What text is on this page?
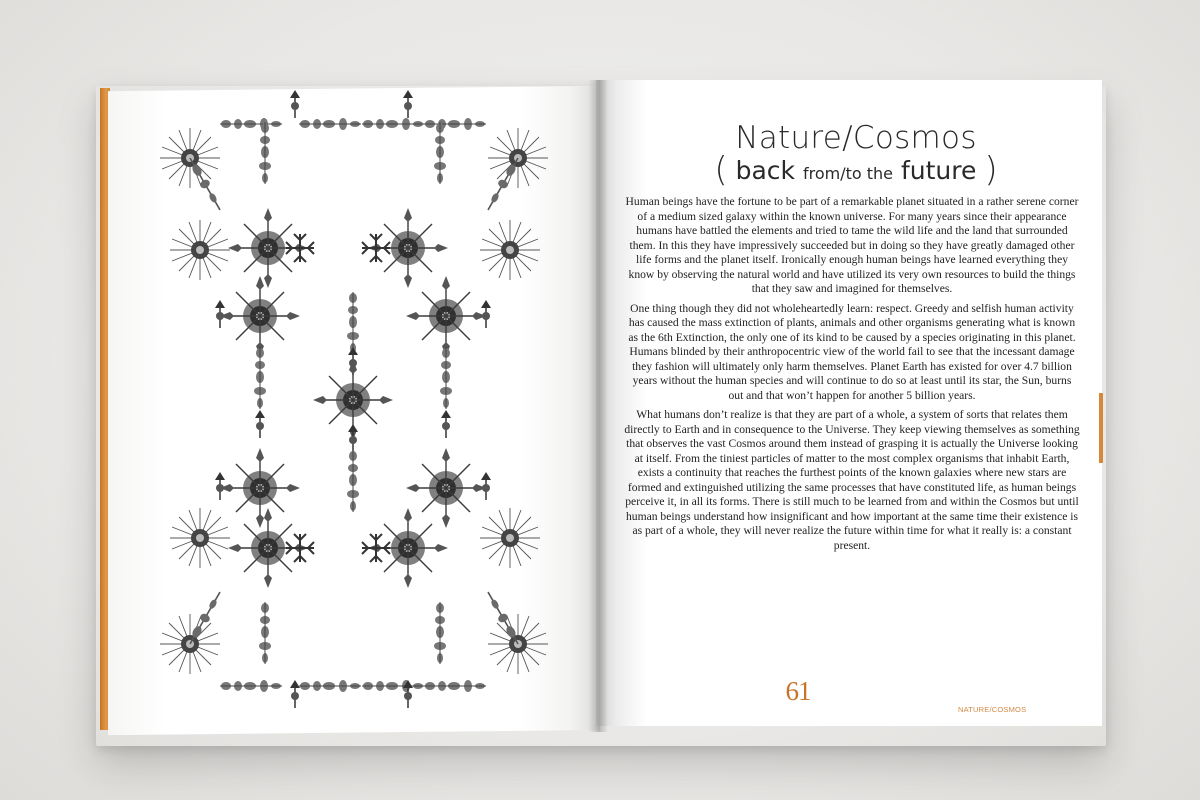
Nature/Cosmos
( back from/to the future )

Human beings have the fortune to be part of a remarkable planet situated in a rather serene corner of a medium sized galaxy within the known universe. For many years since their appearance humans have battled the elements and tried to tame the wild life and the land that surrounded them. In this they have impressively succeeded but in doing so they have greatly damaged other life forms and the planet itself. Ironically enough human beings have learned everything they know by observing the natural world and have utilized its very own resources to build the things that they saw and imagined for themselves.

One thing though they did not wholeheartedly learn: respect. Greedy and selfish human activity has caused the mass extinction of plants, animals and other organisms generating what is known as the 6th Extinction, the only one of its kind to be caused by a species originating in this planet. Humans blinded by their anthropocentric view of the world fail to see that the incessant damage they fashion will ultimately only harm themselves. Planet Earth has existed for over 4.7 billion years without the human species and will continue to do so at least until its star, the Sun, burns out and that won’t happen for another 5 billion years.

What humans don’t realize is that they are part of a whole, a system of sorts that relates them directly to Earth and in consequence to the Universe. They keep viewing themselves as something that observes the vast Cosmos around them instead of grasping it is actually the Universe looking at itself. From the tiniest particles of matter to the most complex organisms that inhabit Earth, exists a continuity that reaches the furthest points of the known galaxies where new stars are formed and extinguished utilizing the same processes that have constituted life, as human beings perceive it, in all its forms. There is still much to be learned from and within the Cosmos but until human beings understand how insignificant and how important at the same time their existence is as part of a whole, they will never realize the future within time for what it really is: a constant present.

61
NATURE/COSMOS
